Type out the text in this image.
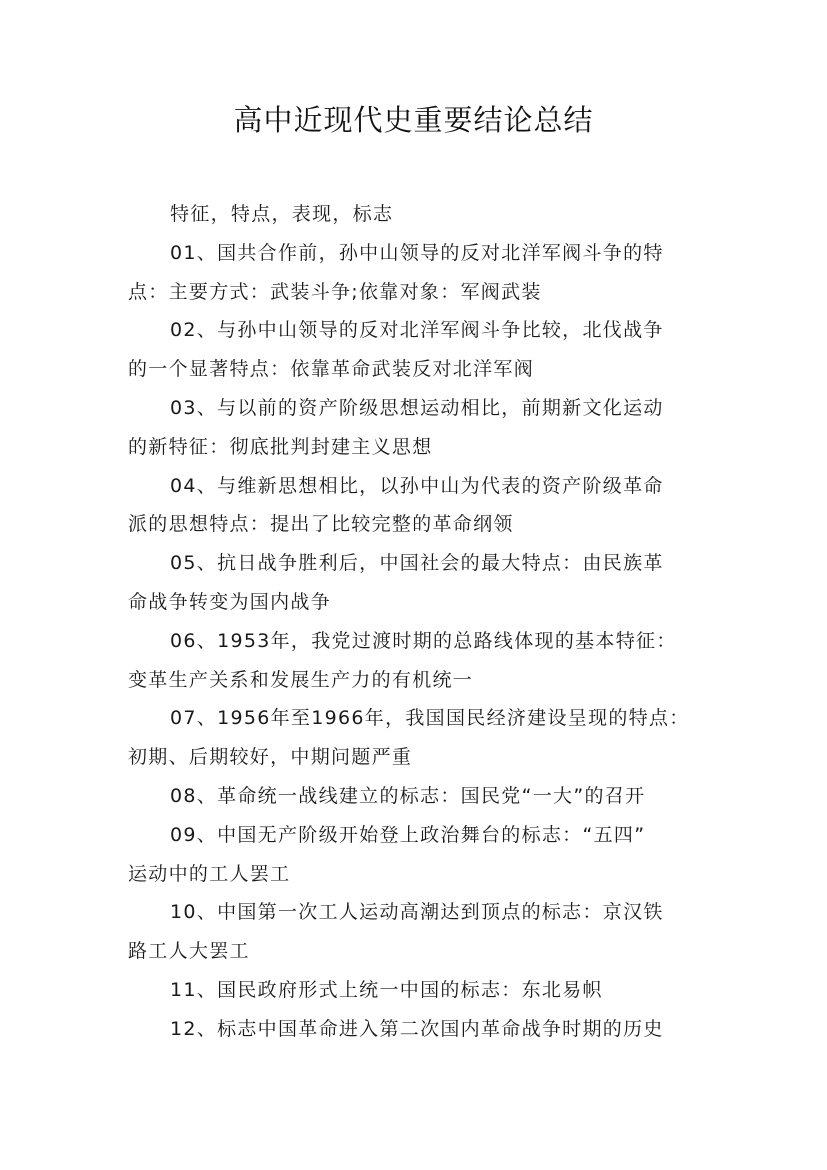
高中近现代史重要结论总结
特征，特点，表现，标志
01、国共合作前，孙中山领导的反对北洋军阀斗争的特
点：主要方式：武装斗争;依靠对象：军阀武装
02、与孙中山领导的反对北洋军阀斗争比较，北伐战争
的一个显著特点：依靠革命武装反对北洋军阀
03、与以前的资产阶级思想运动相比，前期新文化运动
的新特征：彻底批判封建主义思想
04、与维新思想相比，以孙中山为代表的资产阶级革命
派的思想特点：提出了比较完整的革命纲领
05、抗日战争胜利后，中国社会的最大特点：由民族革
命战争转变为国内战争
06、1953年，我党过渡时期的总路线体现的基本特征：
变革生产关系和发展生产力的有机统一
07、1956年至1966年，我国国民经济建设呈现的特点：
初期、后期较好，中期问题严重
08、革命统一战线建立的标志：国民党“一大”的召开
09、中国无产阶级开始登上政治舞台的标志：“五四”
运动中的工人罢工
10、中国第一次工人运动高潮达到顶点的标志：京汉铁
路工人大罢工
11、国民政府形式上统一中国的标志：东北易帜
12、标志中国革命进入第二次国内革命战争时期的历史
